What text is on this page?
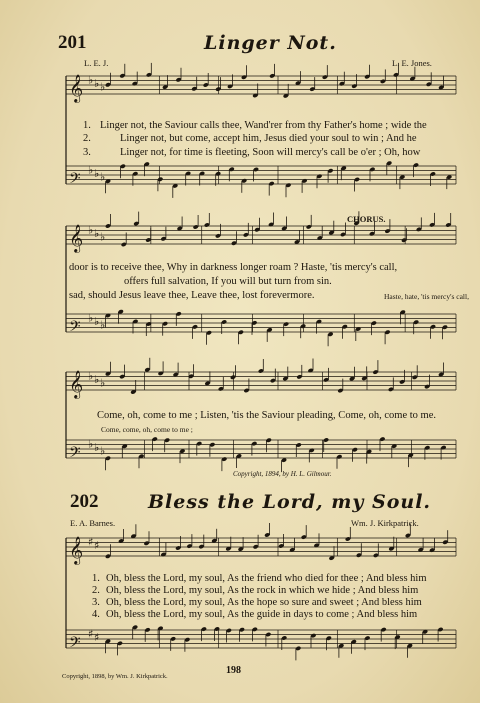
𝄞 ♭ ♭ ♭
𝄢 ♭ ♭ ♭
𝄞 ♭ ♭ ♭
𝄢 ♭ ♭ ♭
𝄞 ♭ ♭ ♭
𝄢 ♭ ♭ ♭
𝄞 ♯ ♯
𝄢 ♯ ♯
201	Linger Not.
L. E. J.	L. E. Jones.
1. Linger not, the Saviour calls thee, Wand'rer from thy Father's home ; wide the
2.	Linger not, but come, accept him, Jesus died your soul to win ; And he
3.	Linger not, for time is fleeting, Soon will mercy's call be o'er ; Oh, how
CHORUS.
door is to receive thee, Why in darkness longer roam ? Haste, 'tis mercy's call,
offers full salvation, If you will but turn from sin.
sad, should Jesus leave thee, Leave thee, lost forevermore.	Haste, hate, 'tis mercy's call,
Come, oh, come to me ; Listen, 'tis the Saviour pleading, Come, oh, come to me.
Come, come, oh, come to me ;
Copyright, 1894, by H. L. Gilmour.
202	Bless the Lord, my Soul.
E. A. Barnes.	Wm. J. Kirkpatrick.
1. Oh, bless the Lord, my soul, As the friend who died for thee ; And bless him
2. Oh, bless the Lord, my soul, As the rock in which we hide ; And bless him
3. Oh, bless the Lord, my soul, As the hope so sure and sweet ; And bless him
4. Oh, bless the Lord, my soul, As the guide in days to come ; And bless him
Copyright, 1898, by Wm. J. Kirkpatrick.
198
